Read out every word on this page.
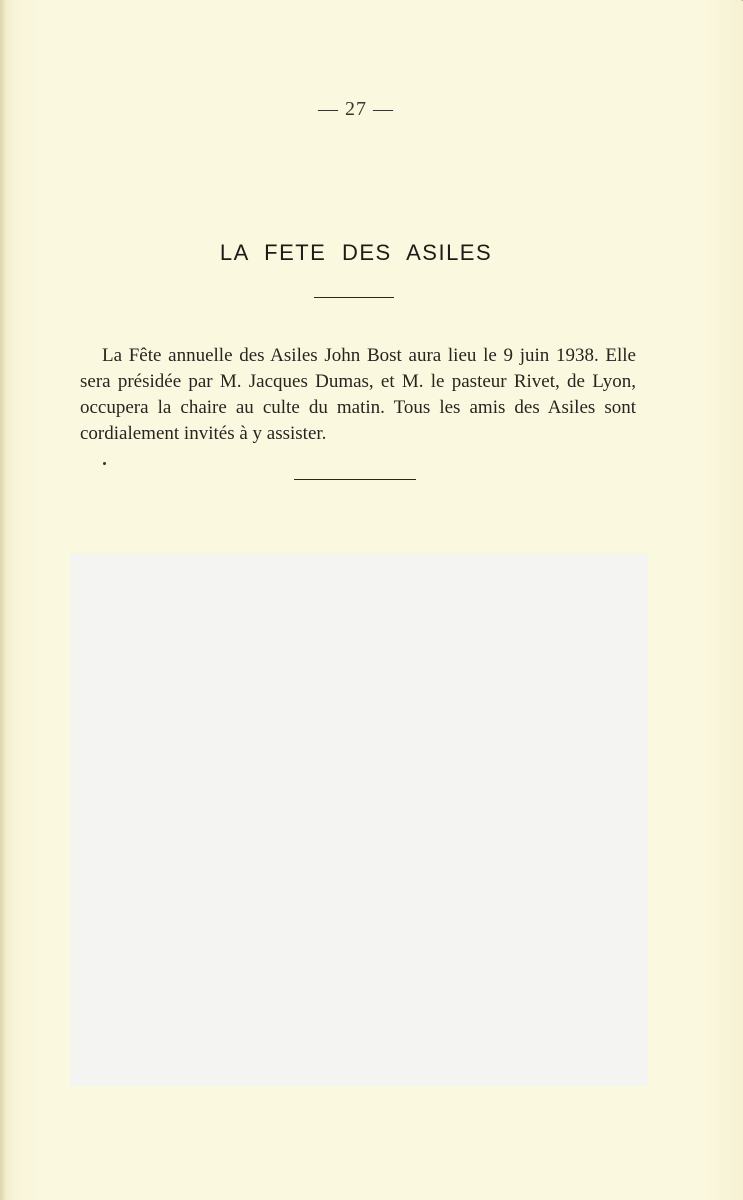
— 27 —
LA FETE DES ASILES

La Fête annuelle des Asiles John Bost aura lieu le 9 juin 1938. Elle sera présidée par M. Jacques Dumas, et M. le pasteur Rivet, de Lyon, occupera la chaire au culte du matin. Tous les amis des Asiles sont cordialement invités à y assister.
